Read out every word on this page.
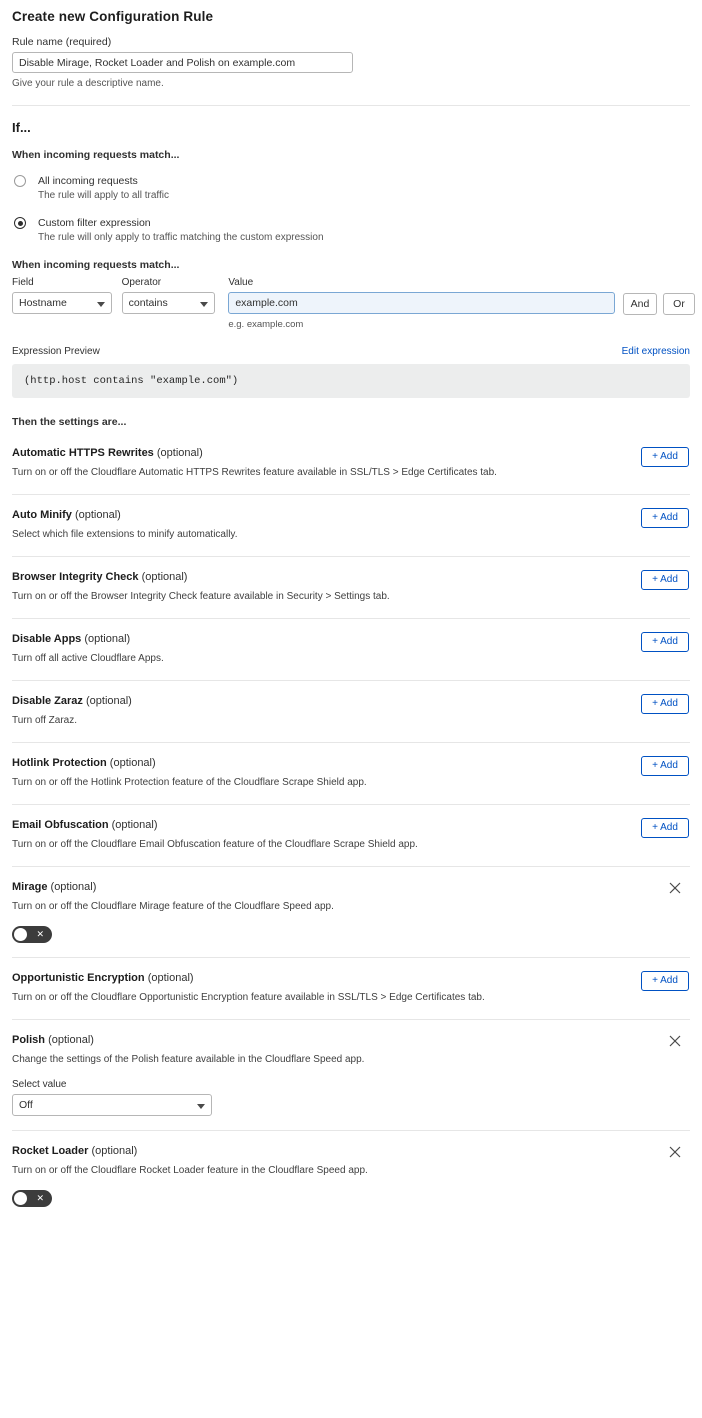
Create new Configuration Rule
Rule name (required)
Disable Mirage, Rocket Loader and Polish on example.com
Give your rule a descriptive name.
If...
When incoming requests match...
All incoming requests
The rule will apply to all traffic
Custom filter expression
The rule will only apply to traffic matching the custom expression
When incoming requests match...
Field
Hostname
Operator
contains
Value
example.com
e.g. example.com
And	Or
Expression Preview	Edit expression
(http.host contains "example.com")
Then the settings are...
Automatic HTTPS Rewrites (optional)
Turn on or off the Cloudflare Automatic HTTPS Rewrites feature available in SSL/TLS > Edge Certificates tab.
+ Add
Auto Minify (optional)
Select which file extensions to minify automatically.
+ Add
Browser Integrity Check (optional)
Turn on or off the Browser Integrity Check feature available in Security > Settings tab.
+ Add
Disable Apps (optional)
Turn off all active Cloudflare Apps.
+ Add
Disable Zaraz (optional)
Turn off Zaraz.
+ Add
Hotlink Protection (optional)
Turn on or off the Hotlink Protection feature of the Cloudflare Scrape Shield app.
+ Add
Email Obfuscation (optional)
Turn on or off the Cloudflare Email Obfuscation feature of the Cloudflare Scrape Shield app.
+ Add
Mirage (optional)
Turn on or off the Cloudflare Mirage feature of the Cloudflare Speed app.
✕
Opportunistic Encryption (optional)
Turn on or off the Cloudflare Opportunistic Encryption feature available in SSL/TLS > Edge Certificates tab.
+ Add
Polish (optional)
Change the settings of the Polish feature available in the Cloudflare Speed app.
Select value
Off
Rocket Loader (optional)
Turn on or off the Cloudflare Rocket Loader feature in the Cloudflare Speed app.
✕
